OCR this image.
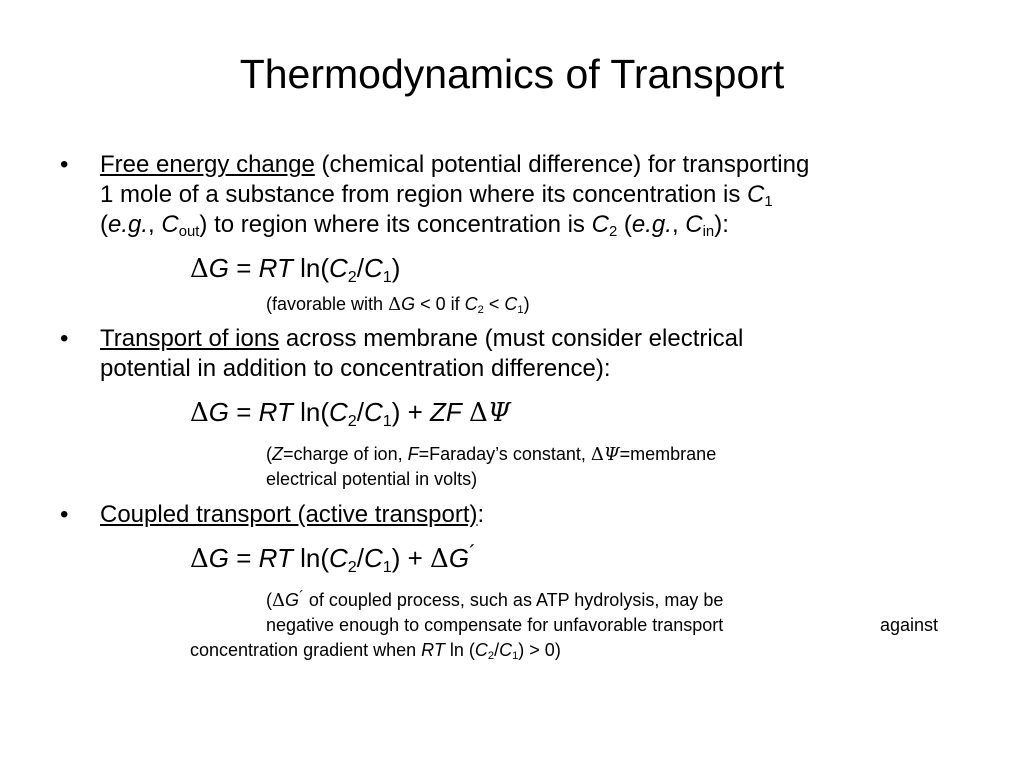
Thermodynamics of Transport
• Free energy change (chemical potential difference) for transporting
1 mole of a substance from region where its concentration is $C_1$
(e.g., $C_{out}$) to region where its concentration is $C_2$ (e.g., $C_{in}$):
ΔG = RT $\ln(C_2/C_1)$
(favorable with ΔG < 0 if $C_2 < C_1$)
• Transport of ions across membrane (must consider electrical
potential in addition to concentration difference):
ΔG = RT $\ln(C_2/C_1)$ + ZF ΔΨ
(Z=charge of ion, F=Faraday’s constant, ΔΨ=membrane
electrical potential in volts)
• Coupled transport (active transport):
ΔG = RT $\ln(C_2/C_1) + \Delta G^´$
(ΔG´ of coupled process, such as ATP hydrolysis, may be
negative enough to compensate for unfavorable transport	against
concentration gradient when RT $\ln (C_2/C_1) > 0$)
